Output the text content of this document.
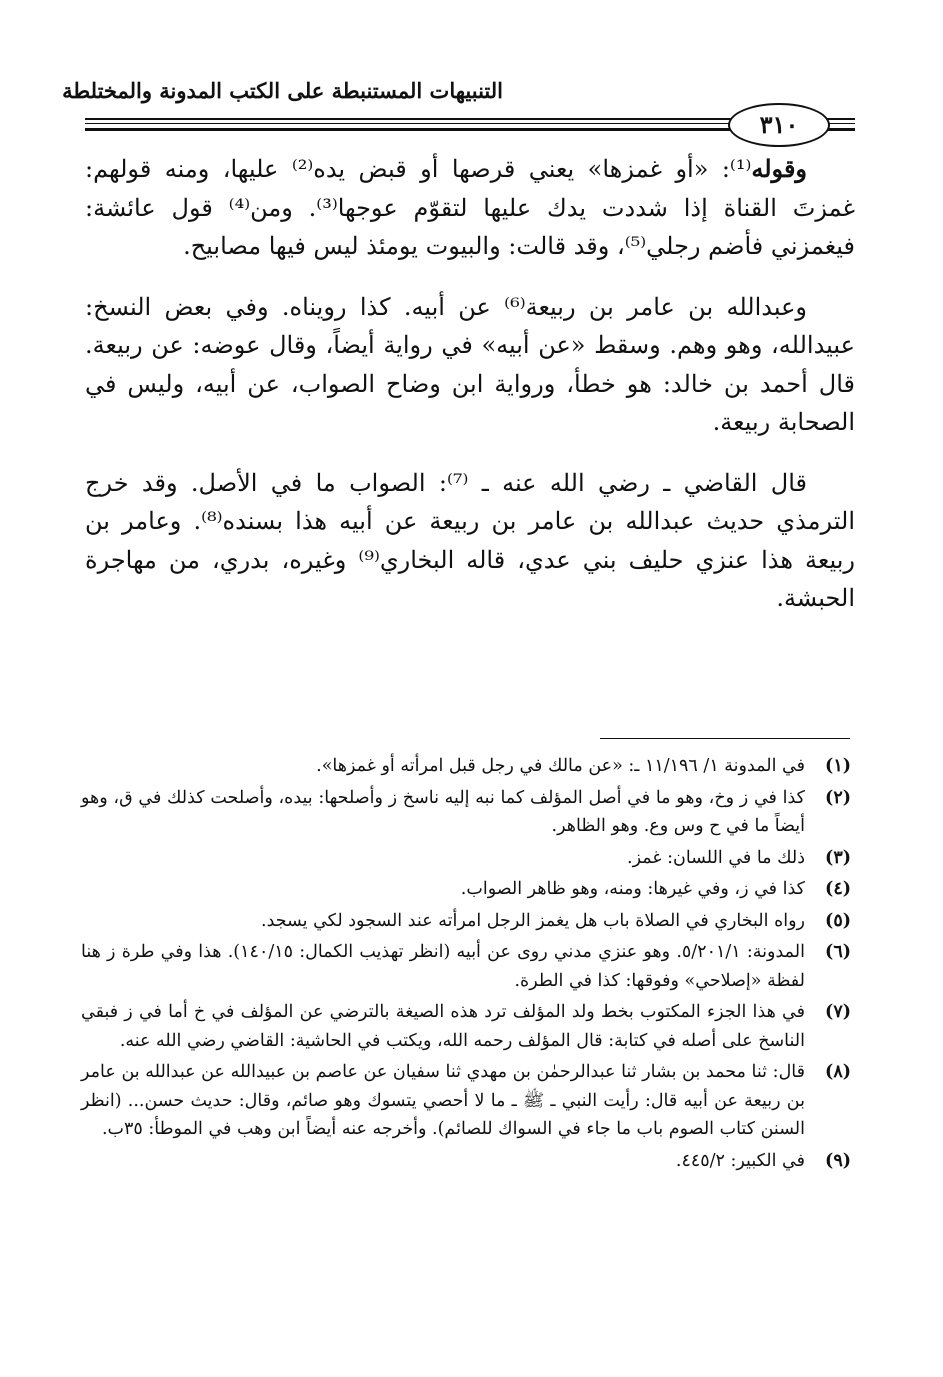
التنبيهات المستنبطة على الكتب المدونة والمختلطة
٣١٠

وقوله⁽¹⁾: «أو غمزها» يعني قرصها أو قبض يده⁽²⁾ عليها، ومنه قولهم: غمزتَ القناة إذا شددت يدك عليها لتقوّم عوجها⁽³⁾. ومن⁽⁴⁾ قول عائشة: فيغمزني فأضم رجلي⁽⁵⁾، وقد قالت: والبيوت يومئذ ليس فيها مصابيح.

وعبدالله بن عامر بن ربيعة⁽⁶⁾ عن أبيه. كذا رويناه. وفي بعض النسخ: عبيدالله، وهو وهم. وسقط «عن أبيه» في رواية أيضاً، وقال عوضه: عن ربيعة. قال أحمد بن خالد: هو خطأ، ورواية ابن وضاح الصواب، عن أبيه، وليس في الصحابة ربيعة.

قال القاضي ـ رضي الله عنه ـ ⁽⁷⁾: الصواب ما في الأصل. وقد خرج الترمذي حديث عبدالله بن عامر بن ربيعة عن أبيه هذا بسنده⁽⁸⁾. وعامر بن ربيعة هذا عنزي حليف بني عدي، قاله البخاري⁽⁹⁾ وغيره، بدري، من مهاجرة الحبشة.

(١)
في المدونة ١/ ١١/١٩٦ ـ: «عن مالك في رجل قبل امرأته أو غمزها».
(٢)
كذا في ز وخ، وهو ما في أصل المؤلف كما نبه إليه ناسخ ز وأصلحها: بيده، وأصلحت كذلك في ق، وهو أيضاً ما في ح وس وع. وهو الظاهر.
(٣)
ذلك ما في اللسان: غمز.
(٤)
كذا في ز، وفي غيرها: ومنه، وهو ظاهر الصواب.
(٥)
رواه البخاري في الصلاة باب هل يغمز الرجل امرأته عند السجود لكي يسجد.
(٦)
المدونة: ٥/٢٠١/١. وهو عنزي مدني روى عن أبيه (انظر تهذيب الكمال: ١٤٠/١٥). هذا وفي طرة ز هنا لفظة «إصلاحي» وفوقها: كذا في الطرة.
(٧)
في هذا الجزء المكتوب بخط ولد المؤلف ترد هذه الصيغة بالترضي عن المؤلف في خ أما في ز فبقي الناسخ على أصله في كتابة: قال المؤلف رحمه الله، ويكتب في الحاشية: القاضي رضي الله عنه.
(٨)
قال: ثنا محمد بن بشار ثنا عبدالرحمٰن بن مهدي ثنا سفيان عن عاصم بن عبيدالله عن عبدالله بن عامر بن ربيعة عن أبيه قال: رأيت النبي ـ ﷺ ـ ما لا أحصي يتسوك وهو صائم، وقال: حديث حسن... (انظر السنن كتاب الصوم باب ما جاء في السواك للصائم). وأخرجه عنه أيضاً ابن وهب في الموطأ: ٣٥ب.
(٩)
في الكبير: ٤٤٥/٢.
